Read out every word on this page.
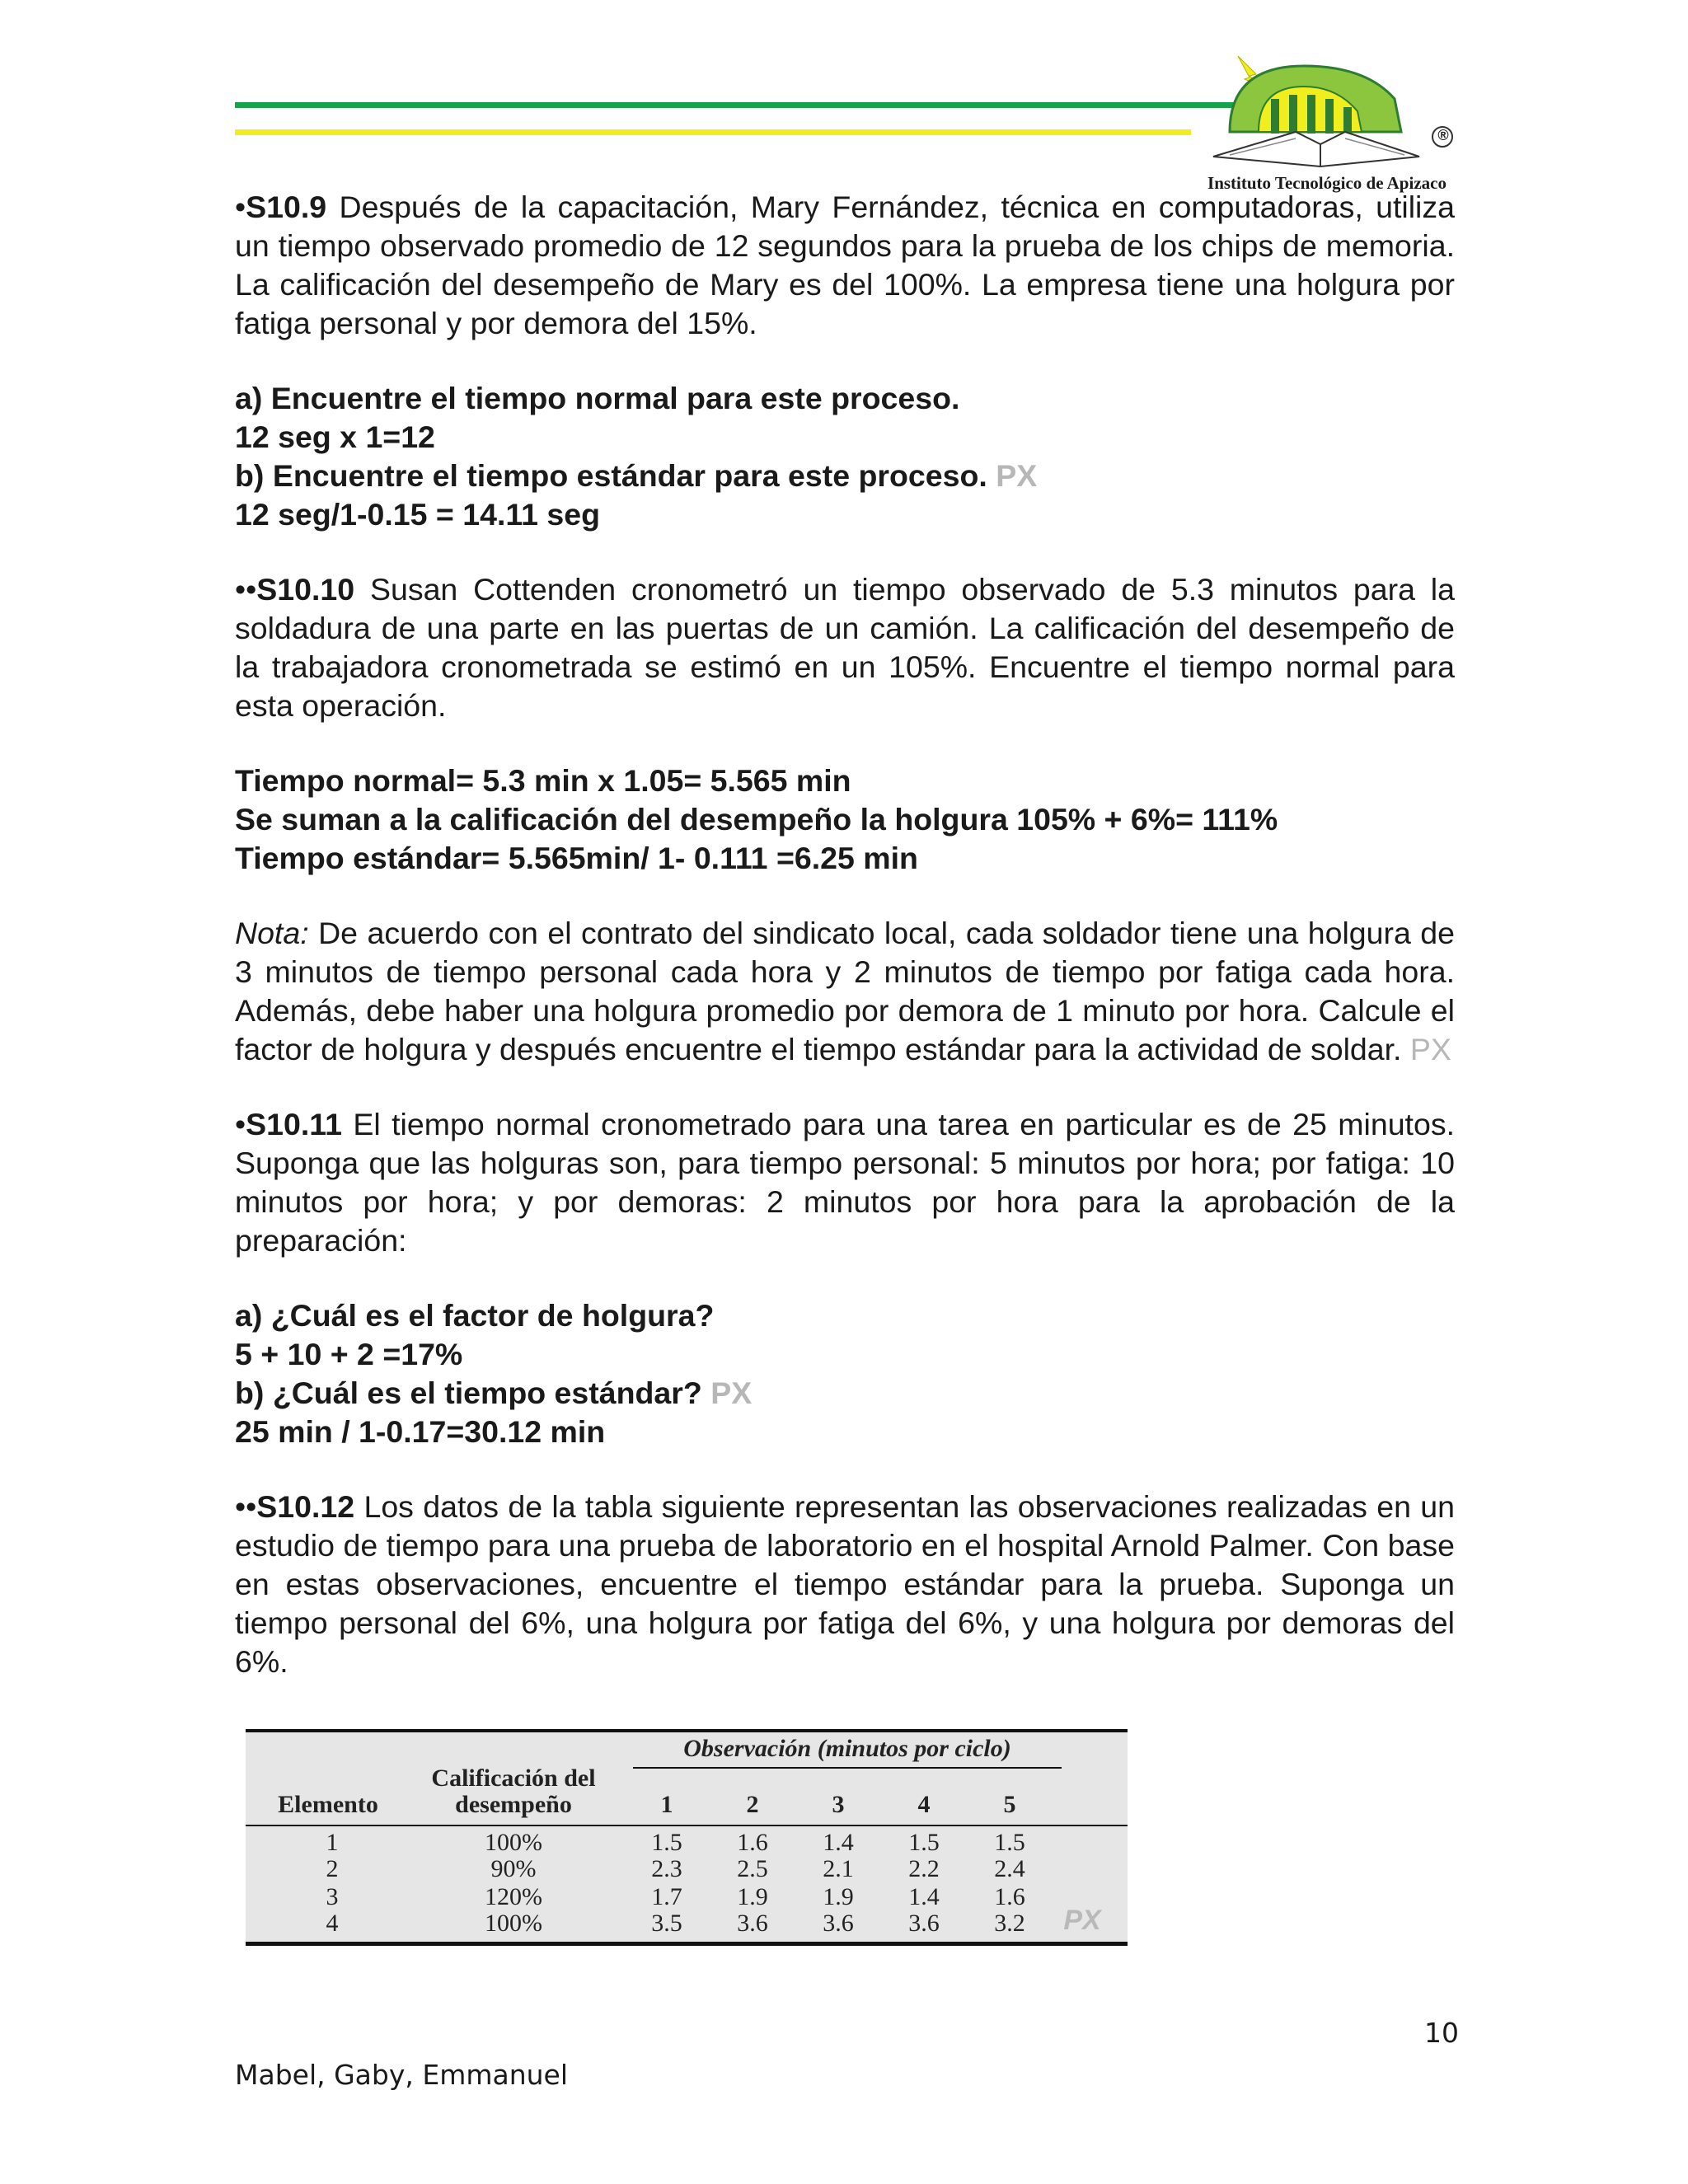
®
Instituto Tecnológico de Apizaco

•S10.9 Después de la capacitación, Mary Fernández, técnica en computadoras, utiliza un tiempo observado promedio de 12 segundos para la prueba de los chips de memoria. La calificación del desempeño de Mary es del 100%. La empresa tiene una holgura por fatiga personal y por demora del 15%.

a) Encuentre el tiempo normal para este proceso.

12 seg x 1=12

b) Encuentre el tiempo estándar para este proceso. PX

12 seg/1-0.15 = 14.11 seg

••S10.10 Susan Cottenden cronometró un tiempo observado de 5.3 minutos para la soldadura de una parte en las puertas de un camión. La calificación del desempeño de la trabajadora cronometrada se estimó en un 105%. Encuentre el tiempo normal para esta operación.

Tiempo normal= 5.3 min x 1.05= 5.565 min

Se suman a la calificación del desempeño la holgura 105% + 6%= 111%

Tiempo estándar= 5.565min/ 1- 0.111 =6.25 min

Nota: De acuerdo con el contrato del sindicato local, cada soldador tiene una holgura de 3 minutos de tiempo personal cada hora y 2 minutos de tiempo por fatiga cada hora. Además, debe haber una holgura promedio por demora de 1 minuto por hora. Calcule el factor de holgura y después encuentre el tiempo estándar para la actividad de soldar. PX

•S10.11 El tiempo normal cronometrado para una tarea en particular es de 25 minutos. Suponga que las holguras son, para tiempo personal: 5 minutos por hora; por fatiga: 10 minutos por hora; y por demoras: 2 minutos por hora para la aprobación de la preparación:

a) ¿Cuál es el factor de holgura?

5 + 10 + 2 =17%

b) ¿Cuál es el tiempo estándar? PX

25 min / 1-0.17=30.12 min

••S10.12 Los datos de la tabla siguiente representan las observaciones realizadas en un estudio de tiempo para una prueba de laboratorio en el hospital Arnold Palmer. Con base en estas observaciones, encuentre el tiempo estándar para la prueba. Suponga un tiempo personal del 6%, una holgura por fatiga del 6%, y una holgura por demoras del 6%.

Observación (minutos por ciclo)
Elemento
Calificación del
desempeño	1	2	3	4	5
1	100%	1.5	1.6	1.4	1.5	1.5
2	90%	2.3	2.5	2.1	2.2	2.4
3	120%	1.7	1.9	1.9	1.4	1.6
4	100%	3.5	3.6	3.6	3.6	3.2	PX
10
Mabel, Gaby, Emmanuel
